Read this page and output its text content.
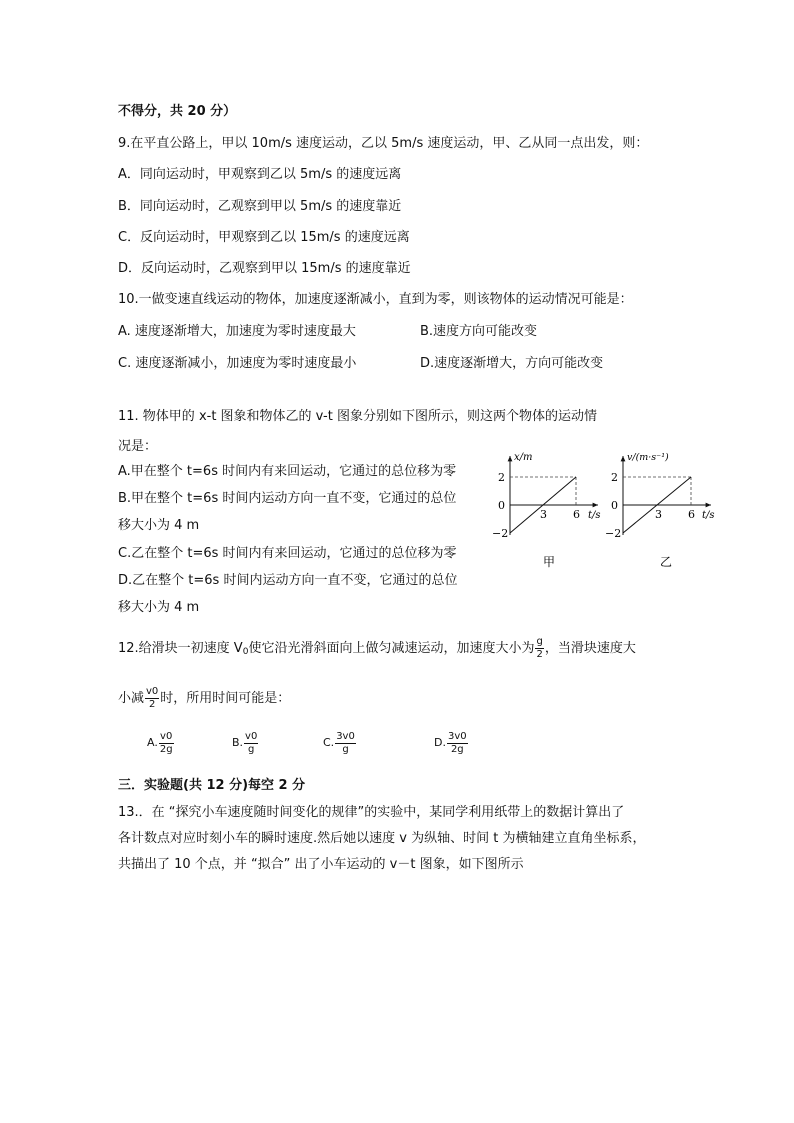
不得分，共 20 分）
9.在平直公路上，甲以 10m/s 速度运动，乙以 5m/s 速度运动，甲、乙从同一点出发，则：
A．同向运动时，甲观察到乙以 5m/s 的速度远离
B．同向运动时，乙观察到甲以 5m/s 的速度靠近
C．反向运动时，甲观察到乙以 15m/s 的速度远离
D．反向运动时，乙观察到甲以 15m/s 的速度靠近
10.一做变速直线运动的物体，加速度逐渐减小，直到为零，则该物体的运动情况可能是：
A. 速度逐渐增大，加速度为零时速度最大	B.速度方向可能改变
C. 速度逐渐减小，加速度为零时速度最小	D.速度逐渐增大，方向可能改变
11. 物体甲的 x-t 图象和物体乙的 v-t 图象分别如下图所示，则这两个物体的运动情
况是：
A.甲在整个 t=6s 时间内有来回运动，它通过的总位移为零
B.甲在整个 t=6s 时间内运动方向一直不变，它通过的总位
移大小为 4 m
C.乙在整个 t=6s 时间内有来回运动，它通过的总位移为零
D.乙在整个 t=6s 时间内运动方向一直不变，它通过的总位
移大小为 4 m
x/m
2
0
−2
3 6 t/s
甲
v/(m·s⁻¹)
2
0
−2
3 6 t/s
乙
12.给滑块一初速度 V0使它沿光滑斜面向上做匀减速运动，加速度大小为 $\frac{g}{2}$ ，当滑块速度大
小减 $\frac{v0}{2}$ 时，所用时间可能是：
A. $\frac{v0}{2g}$	B. $\frac{v0}{g}$	C. $\frac{3v0}{g}$	D. $\frac{3v0}{2g}$
三．实验题(共 12 分)每空 2 分
13.．在 “探究小车速度随时间变化的规律”的实验中，某同学利用纸带上的数据计算出了
各计数点对应时刻小车的瞬时速度.然后她以速度 v 为纵轴、时间 t 为横轴建立直角坐标系，
共描出了 10 个点，并 “拟合” 出了小车运动的 v－t 图象，如下图所示
